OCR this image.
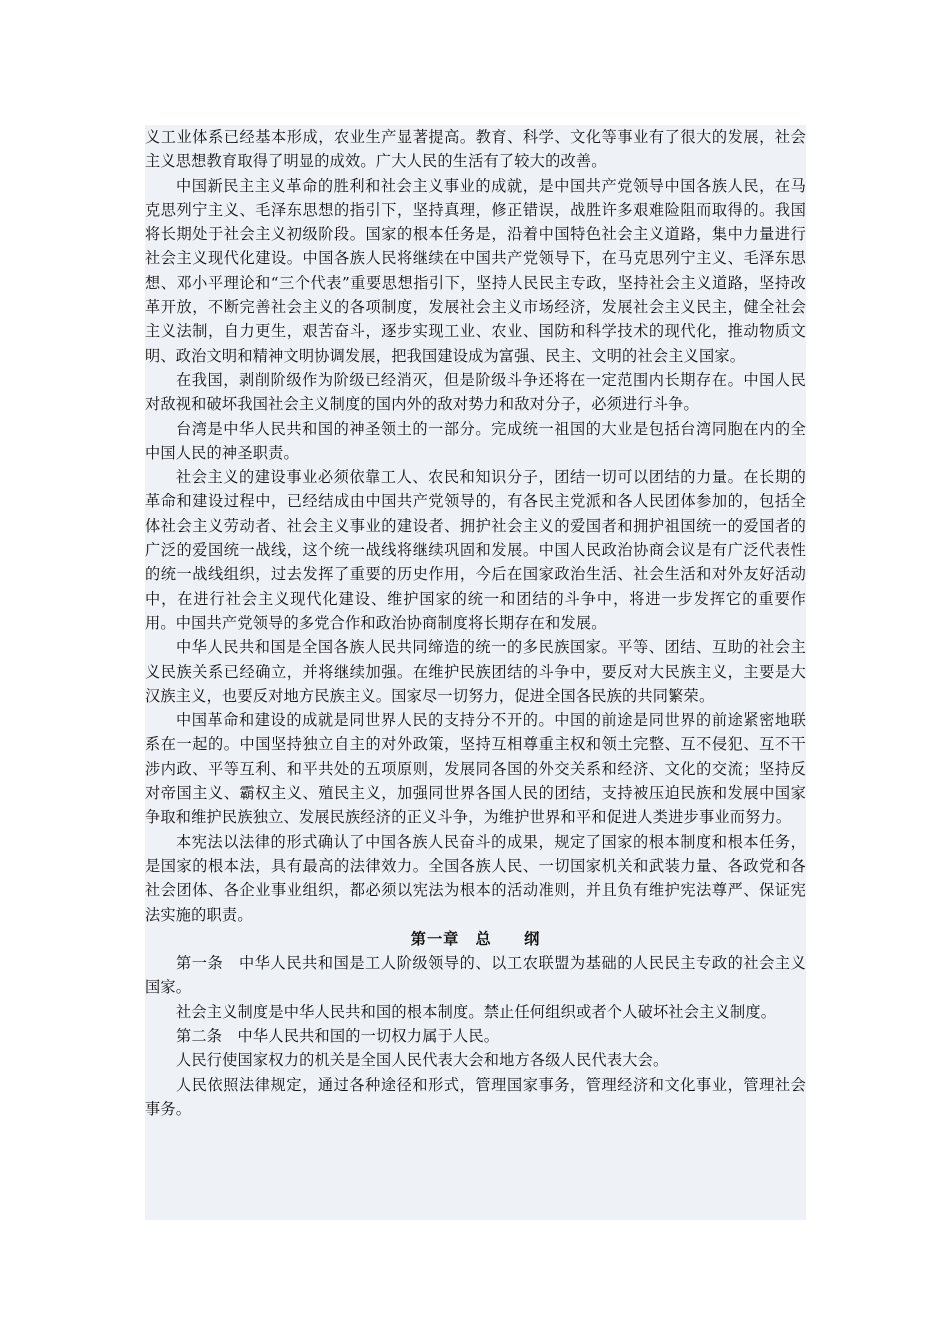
义工业体系已经基本形成，农业生产显著提高。教育、科学、文化等事业有了很大的发展，社会主义思想教育取得了明显的成效。广大人民的生活有了较大的改善。

中国新民主主义革命的胜利和社会主义事业的成就，是中国共产党领导中国各族人民，在马克思列宁主义、毛泽东思想的指引下，坚持真理，修正错误，战胜许多艰难险阻而取得的。我国将长期处于社会主义初级阶段。国家的根本任务是，沿着中国特色社会主义道路，集中力量进行社会主义现代化建设。中国各族人民将继续在中国共产党领导下，在马克思列宁主义、毛泽东思想、邓小平理论和“三个代表”重要思想指引下，坚持人民民主专政，坚持社会主义道路，坚持改革开放，不断完善社会主义的各项制度，发展社会主义市场经济，发展社会主义民主，健全社会主义法制，自力更生，艰苦奋斗，逐步实现工业、农业、国防和科学技术的现代化，推动物质文明、政治文明和精神文明协调发展，把我国建设成为富强、民主、文明的社会主义国家。

在我国，剥削阶级作为阶级已经消灭，但是阶级斗争还将在一定范围内长期存在。中国人民对敌视和破坏我国社会主义制度的国内外的敌对势力和敌对分子，必须进行斗争。

台湾是中华人民共和国的神圣领土的一部分。完成统一祖国的大业是包括台湾同胞在内的全中国人民的神圣职责。

社会主义的建设事业必须依靠工人、农民和知识分子，团结一切可以团结的力量。在长期的革命和建设过程中，已经结成由中国共产党领导的，有各民主党派和各人民团体参加的，包括全体社会主义劳动者、社会主义事业的建设者、拥护社会主义的爱国者和拥护祖国统一的爱国者的广泛的爱国统一战线，这个统一战线将继续巩固和发展。中国人民政治协商会议是有广泛代表性的统一战线组织，过去发挥了重要的历史作用，今后在国家政治生活、社会生活和对外友好活动中，在进行社会主义现代化建设、维护国家的统一和团结的斗争中，将进一步发挥它的重要作用。中国共产党领导的多党合作和政治协商制度将长期存在和发展。

中华人民共和国是全国各族人民共同缔造的统一的多民族国家。平等、团结、互助的社会主义民族关系已经确立，并将继续加强。在维护民族团结的斗争中，要反对大民族主义，主要是大汉族主义，也要反对地方民族主义。国家尽一切努力，促进全国各民族的共同繁荣。

中国革命和建设的成就是同世界人民的支持分不开的。中国的前途是同世界的前途紧密地联系在一起的。中国坚持独立自主的对外政策，坚持互相尊重主权和领土完整、互不侵犯、互不干涉内政、平等互利、和平共处的五项原则，发展同各国的外交关系和经济、文化的交流；坚持反对帝国主义、霸权主义、殖民主义，加强同世界各国人民的团结，支持被压迫民族和发展中国家争取和维护民族独立、发展民族经济的正义斗争，为维护世界和平和促进人类进步事业而努力。

本宪法以法律的形式确认了中国各族人民奋斗的成果，规定了国家的根本制度和根本任务，是国家的根本法，具有最高的法律效力。全国各族人民、一切国家机关和武装力量、各政党和各社会团体、各企业事业组织，都必须以宪法为根本的活动准则，并且负有维护宪法尊严、保证宪法实施的职责。

第一章　总　　纲

第一条　中华人民共和国是工人阶级领导的、以工农联盟为基础的人民民主专政的社会主义国家。

社会主义制度是中华人民共和国的根本制度。禁止任何组织或者个人破坏社会主义制度。

第二条　中华人民共和国的一切权力属于人民。

人民行使国家权力的机关是全国人民代表大会和地方各级人民代表大会。

人民依照法律规定，通过各种途径和形式，管理国家事务，管理经济和文化事业，管理社会事务。
